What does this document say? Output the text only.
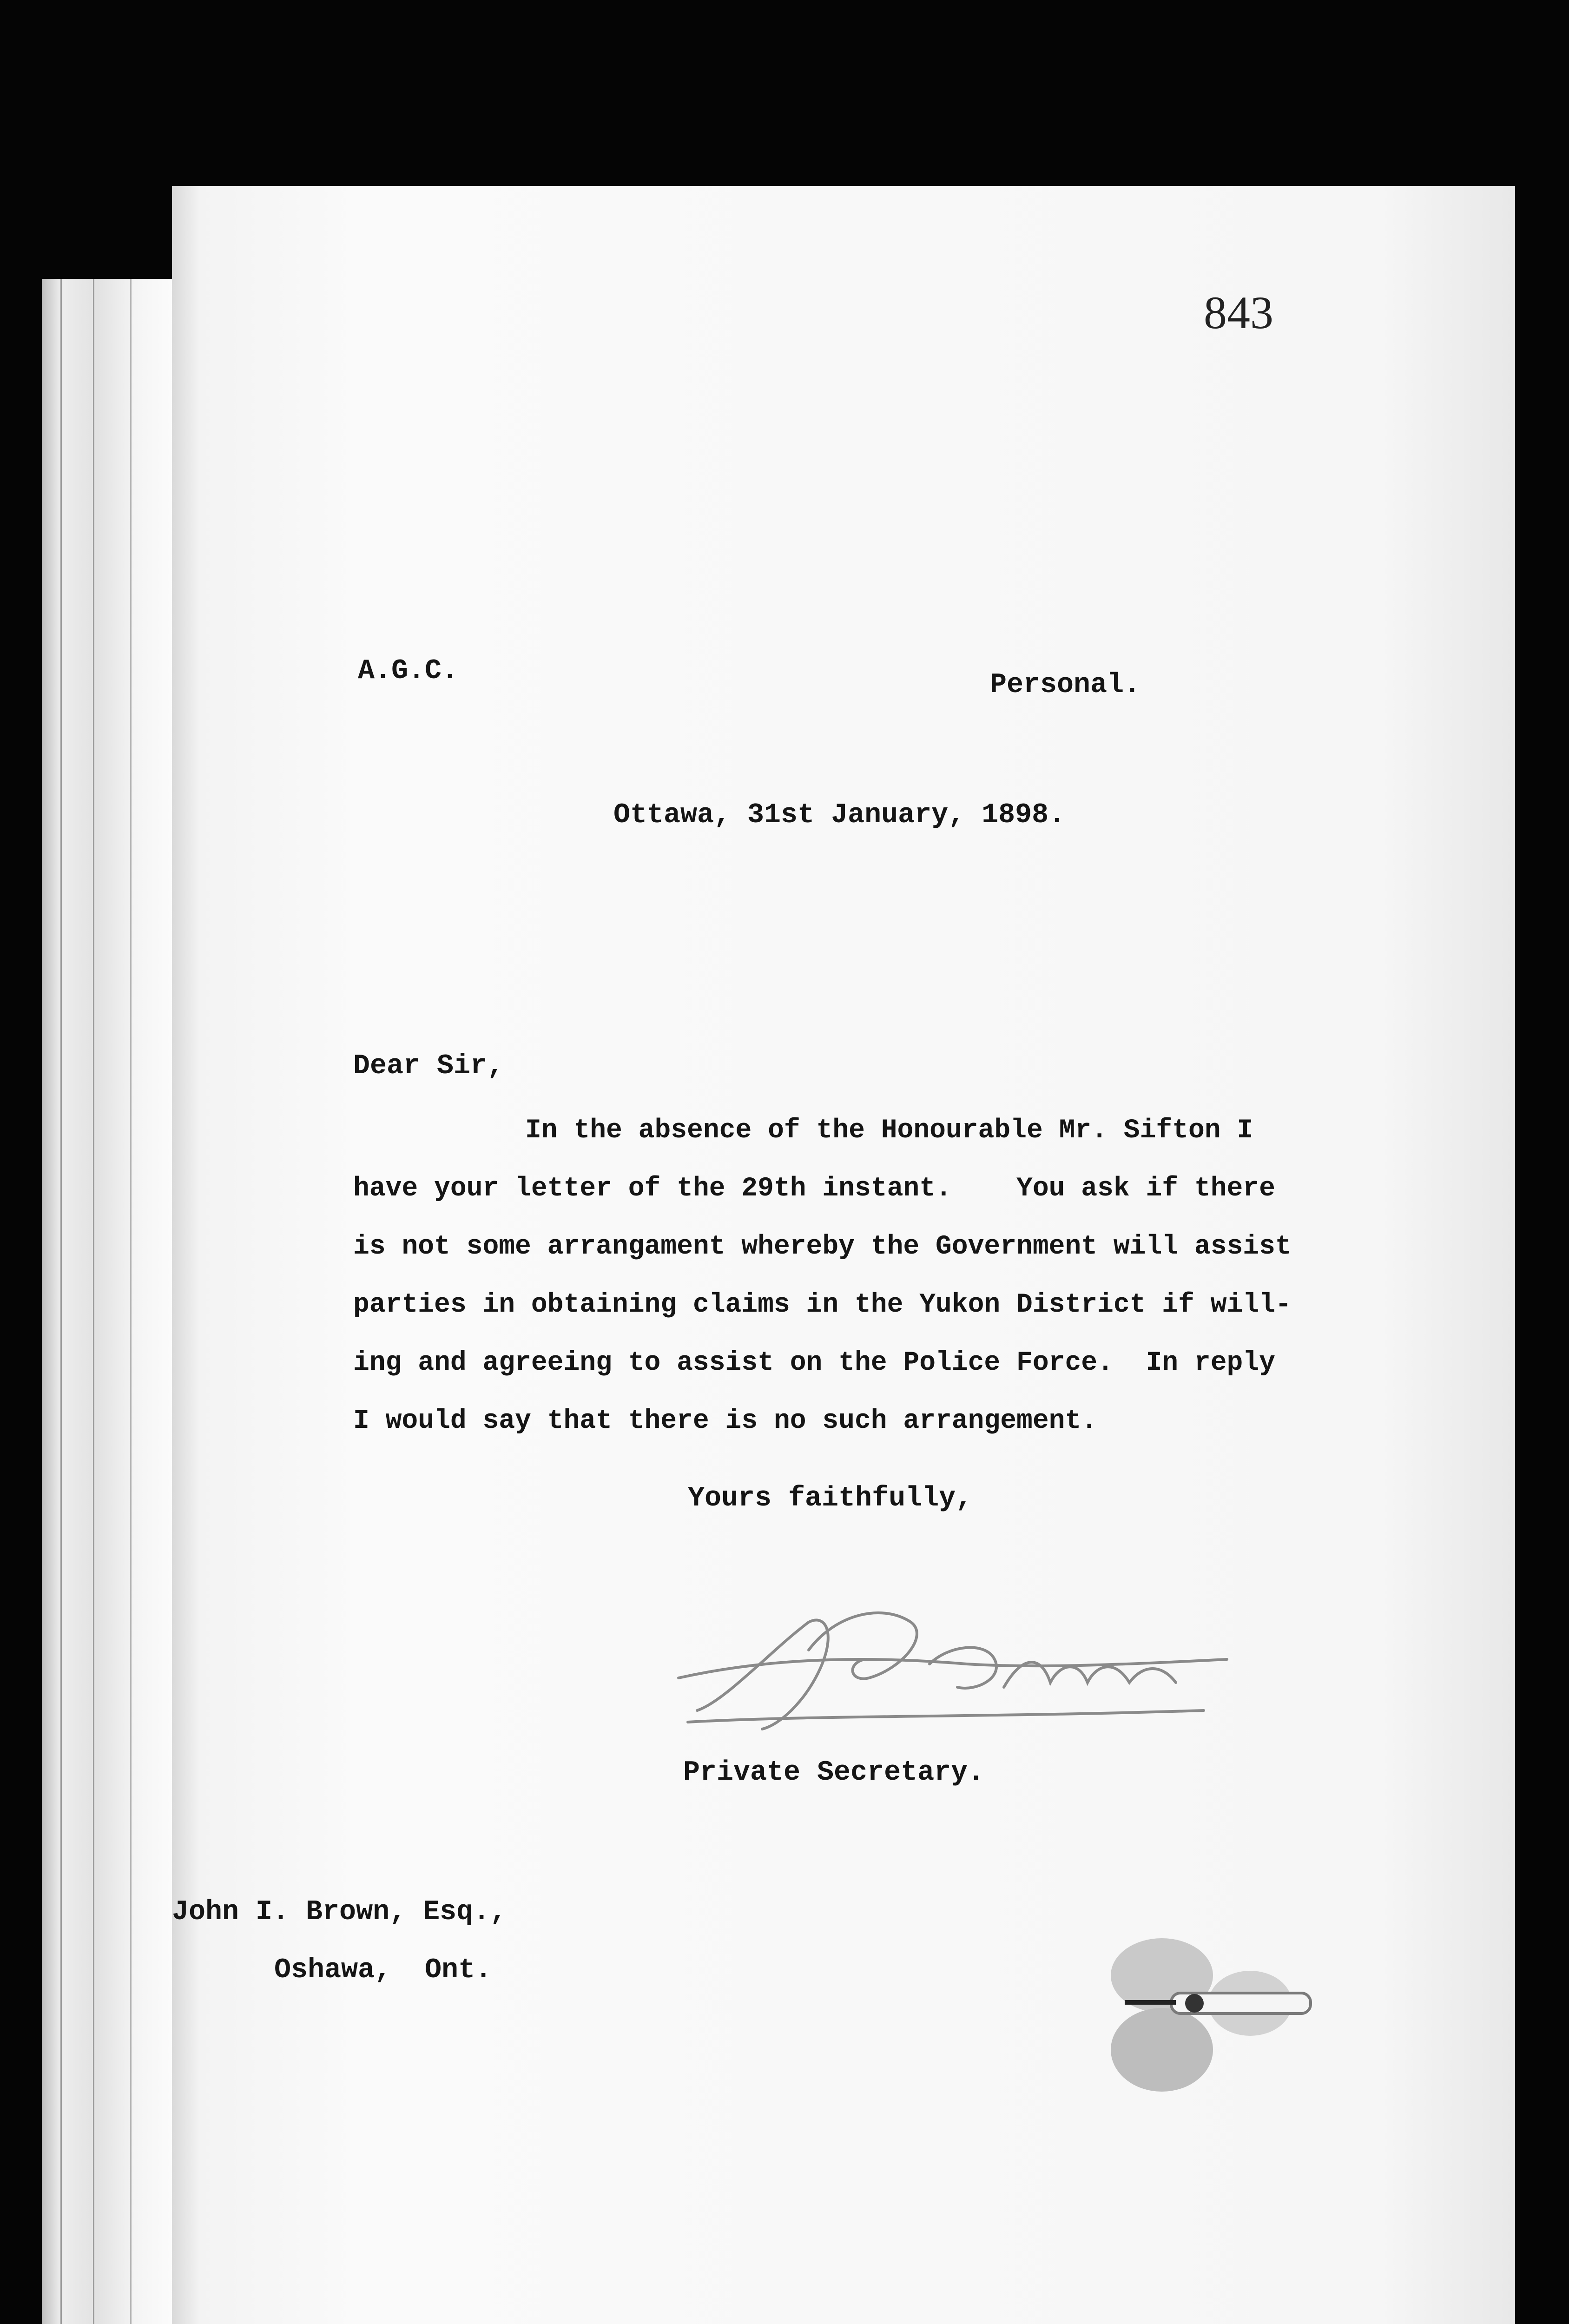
843
A.G.C.	Personal.
Ottawa, 31st January, 1898.
Dear Sir,
In the absence of the Honourable Mr. Sifton I
have your letter of the 29th instant.    You ask if there
is not some arrangament whereby the Government will assist
parties in obtaining claims in the Yukon District if will-
ing and agreeing to assist on the Police Force.  In reply
I would say that there is no such arrangement.
Yours faithfully,
Private Secretary.
John I. Brown, Esq.,
Oshawa,  Ont.
